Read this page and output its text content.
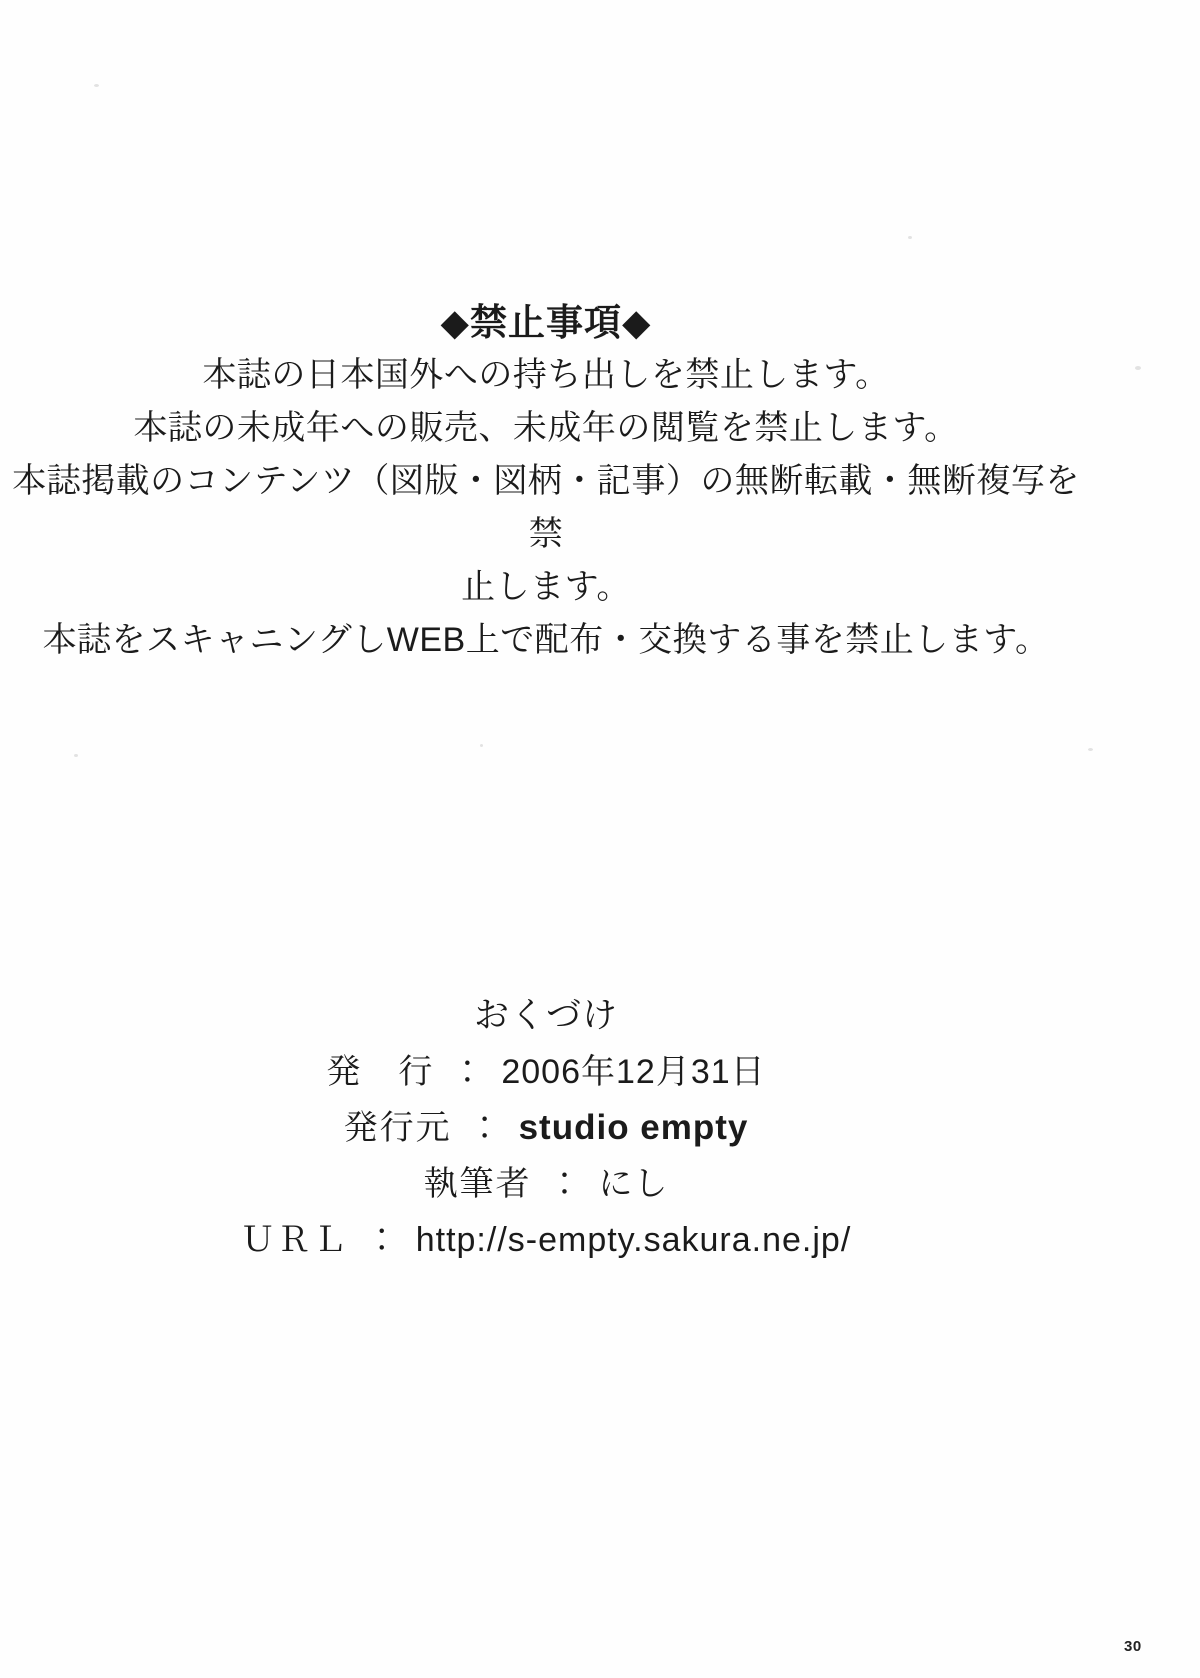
◆禁止事項◆
本誌の日本国外への持ち出しを禁止します。
本誌の未成年への販売、未成年の閲覧を禁止します。
本誌掲載のコンテンツ（図版・図柄・記事）の無断転載・無断複写を禁
止します。
本誌をスキャニングしWEB上で配布・交換する事を禁止します。
おくづけ
発　行 ： 2006年12月31日
発行元 ： studio empty
執筆者 ： にし
ＵＲＬ ： http://s-empty.sakura.ne.jp/
30
